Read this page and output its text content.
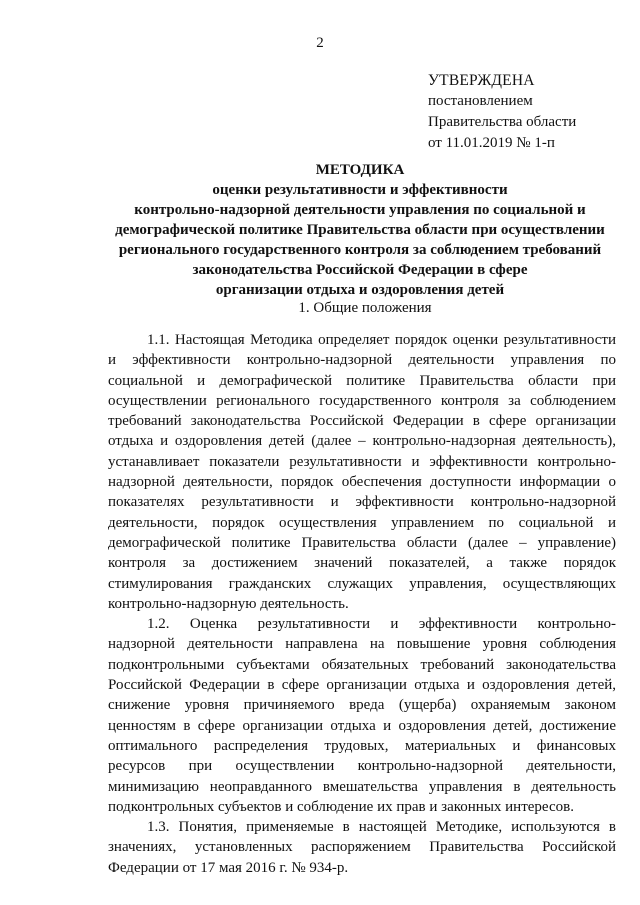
2
УТВЕРЖДЕНА
постановлением
Правительства области
от 11.01.2019 № 1-п
МЕТОДИКА
оценки результативности и эффективности
контрольно-надзорной деятельности управления по социальной и
демографической политике Правительства области при осуществлении
регионального государственного контроля за соблюдением требований
законодательства Российской Федерации в сфере
организации отдыха и оздоровления детей
1. Общие положения
1.1. Настоящая Методика определяет порядок оценки результативности
и эффективности контрольно-надзорной деятельности управления по
социальной и демографической политике Правительства области при
осуществлении регионального государственного контроля за соблюдением
требований законодательства Российской Федерации в сфере организации
отдыха и оздоровления детей (далее – контрольно-надзорная деятельность),
устанавливает показатели результативности и эффективности контрольно-
надзорной деятельности, порядок обеспечения доступности информации о
показателях результативности и эффективности контрольно-надзорной
деятельности, порядок осуществления управлением по социальной и
демографической политике Правительства области (далее – управление)
контроля за достижением значений показателей, а также порядок
стимулирования гражданских служащих управления, осуществляющих
контрольно-надзорную деятельность.
1.2. Оценка результативности и эффективности контрольно-
надзорной деятельности направлена на повышение уровня соблюдения
подконтрольными субъектами обязательных требований законодательства
Российской Федерации в сфере организации отдыха и оздоровления детей,
снижение уровня причиняемого вреда (ущерба) охраняемым законом
ценностям в сфере организации отдыха и оздоровления детей, достижение
оптимального распределения трудовых, материальных и финансовых
ресурсов при осуществлении контрольно-надзорной деятельности,
минимизацию неоправданного вмешательства управления в деятельность
подконтрольных субъектов и соблюдение их прав и законных интересов.
1.3. Понятия, применяемые в настоящей Методике, используются в
значениях, установленных распоряжением Правительства Российской
Федерации от 17 мая 2016 г. № 934-р.
